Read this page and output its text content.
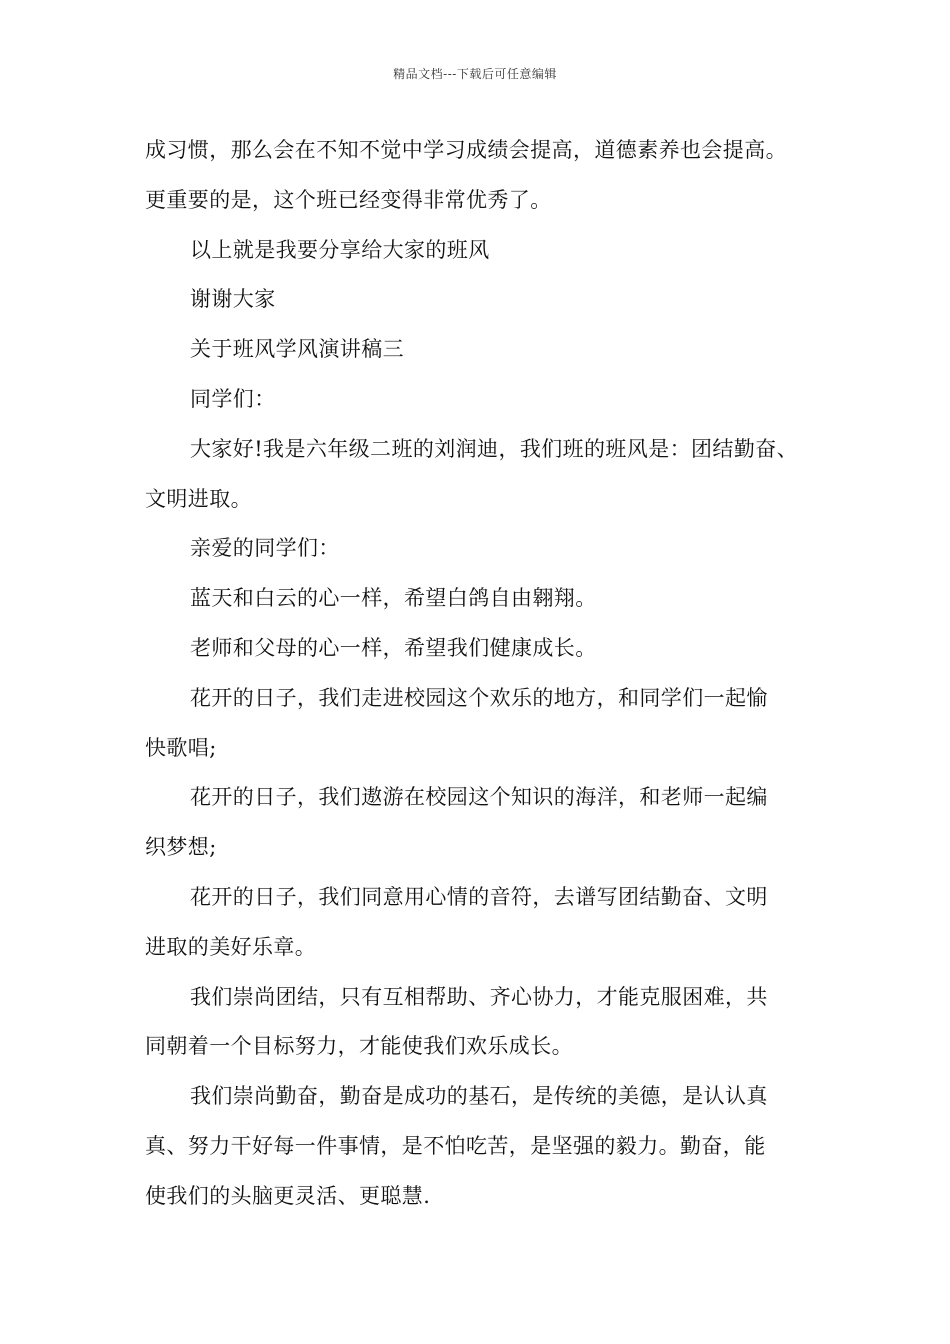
精品文档---下载后可任意编辑
成习惯，那么会在不知不觉中学习成绩会提高，道德素养也会提高。
更重要的是，这个班已经变得非常优秀了。
以上就是我要分享给大家的班风
谢谢大家
关于班风学风演讲稿三
同学们：
大家好!我是六年级二班的刘润迪，我们班的班风是：团结勤奋、
文明进取。
亲爱的同学们：
蓝天和白云的心一样，希望白鸽自由翱翔。
老师和父母的心一样，希望我们健康成长。
花开的日子，我们走进校园这个欢乐的地方，和同学们一起愉
快歌唱;
花开的日子，我们遨游在校园这个知识的海洋，和老师一起编
织梦想;
花开的日子，我们同意用心情的音符，去谱写团结勤奋、文明
进取的美好乐章。
我们崇尚团结，只有互相帮助、齐心协力，才能克服困难，共
同朝着一个目标努力，才能使我们欢乐成长。
我们崇尚勤奋，勤奋是成功的基石，是传统的美德，是认认真
真、努力干好每一件事情，是不怕吃苦，是坚强的毅力。勤奋，能
使我们的头脑更灵活、更聪慧.
